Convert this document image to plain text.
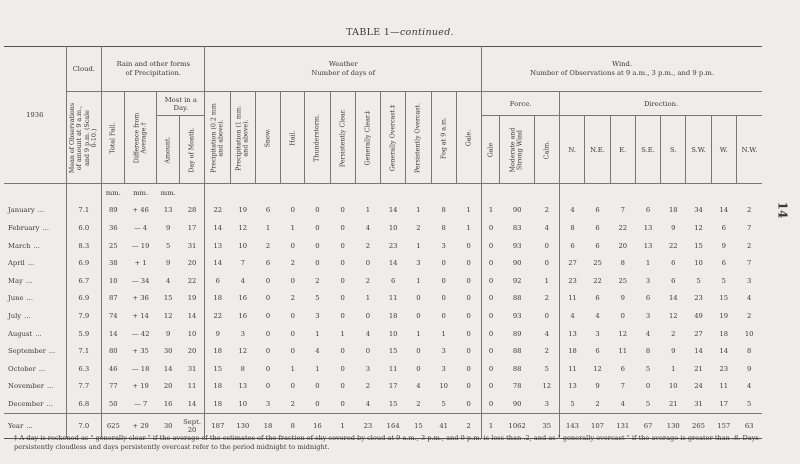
TABLE 1—continued.
14
1936	Cloud.	Rain and other forms
of Precipitation.				Weather
Number of days of											Wind.
Number of Observations at 9 a.m., 3 p.m., and 9 p.m.										

	Mean of Observations
of amount at 9 a.m.,
and 9 p.m. (Scale
0-10.)	Total Fall.	Difference from
Average.†	Most in a
Day.		Precipitation (0.2 mm
and above).	Precipitation (1 mm.
and above).	Snow.	Hail.	Thunderstorm.	Persistently Clear.	Generally Clear.‡	Generally Overcast.‡	Persistently Overcast.	Fog at 9 a.m.	Gale.	Force.			Direction.							

				Amount.	Day of Month.												Gale	Moderate and
Strong Wind	Calm.	N.	N.E.	E.	S.E.	S.	S.W.	W.	N.W.
		mm.	mm.	mm.																							
January ...	7.1	89	+ 46	13	28	22	19	6	0	0	0	1	14	1	8	1	1	90	2	4	6	7	6	18	34	14	2
February ...	6.0	36	— 4	9	17	14	12	1	1	0	0	4	10	2	8	1	0	83	4	8	6	22	13	9	12	6	7
March ...	8.3	25	— 19	5	31	13	10	2	0	0	0	2	23	1	3	0	0	93	0	6	6	20	13	22	15	9	2
April ...	6.9	38	+ 1	9	20	14	7	6	2	0	0	0	14	3	0	0	0	90	0	27	25	8	1	6	10	6	7
May ...	6.7	10	— 34	4	22	6	4	0	0	2	0	2	6	1	0	0	0	92	1	23	22	25	3	6	5	5	3
June ...	6.9	87	+ 36	15	19	18	16	0	2	5	0	1	11	0	0	0	0	88	2	11	6	9	6	14	23	15	4
July ...	7.9	74	+ 14	12	14	22	16	0	0	3	0	0	18	0	0	0	0	93	0	4	4	0	3	12	49	19	2
August ...	5.9	14	— 42	9	10	9	3	0	0	1	1	4	10	1	1	0	0	89	4	13	3	12	4	2	27	18	10
September ...	7.1	80	+ 35	30	20	18	12	0	0	4	0	0	15	0	3	0	0	88	2	18	6	11	8	9	14	14	8
October ...	6.3	46	— 18	14	31	15	8	0	1	1	0	3	11	0	3	0	0	88	5	11	12	6	5	1	21	23	9
November ...	7.7	77	+ 19	20	11	18	13	0	0	0	0	2	17	4	10	0	0	78	12	13	9	7	0	10	24	11	4
December ...	6.8	50	— 7	16	14	18	10	3	2	0	0	4	15	2	5	0	0	90	3	5	2	4	5	21	31	17	5
Year ...	7.0	625	+ 29	30	Sept. 20	187	130	18	8	16	1	23	164	15	41	2	1	1062	35	143	107	131	67	130	265	157	63
‡ A day is reckoned as " generally clear " if the average of the estimates of the fraction of sky covered by cloud at 9 a.m., 3 p.m., and 9 p.m. is less than .2, and as " generally overcast " if the average is greater than .8. Days persistently cloudless and days persistently overcast refer to the period midnight to midnight.
